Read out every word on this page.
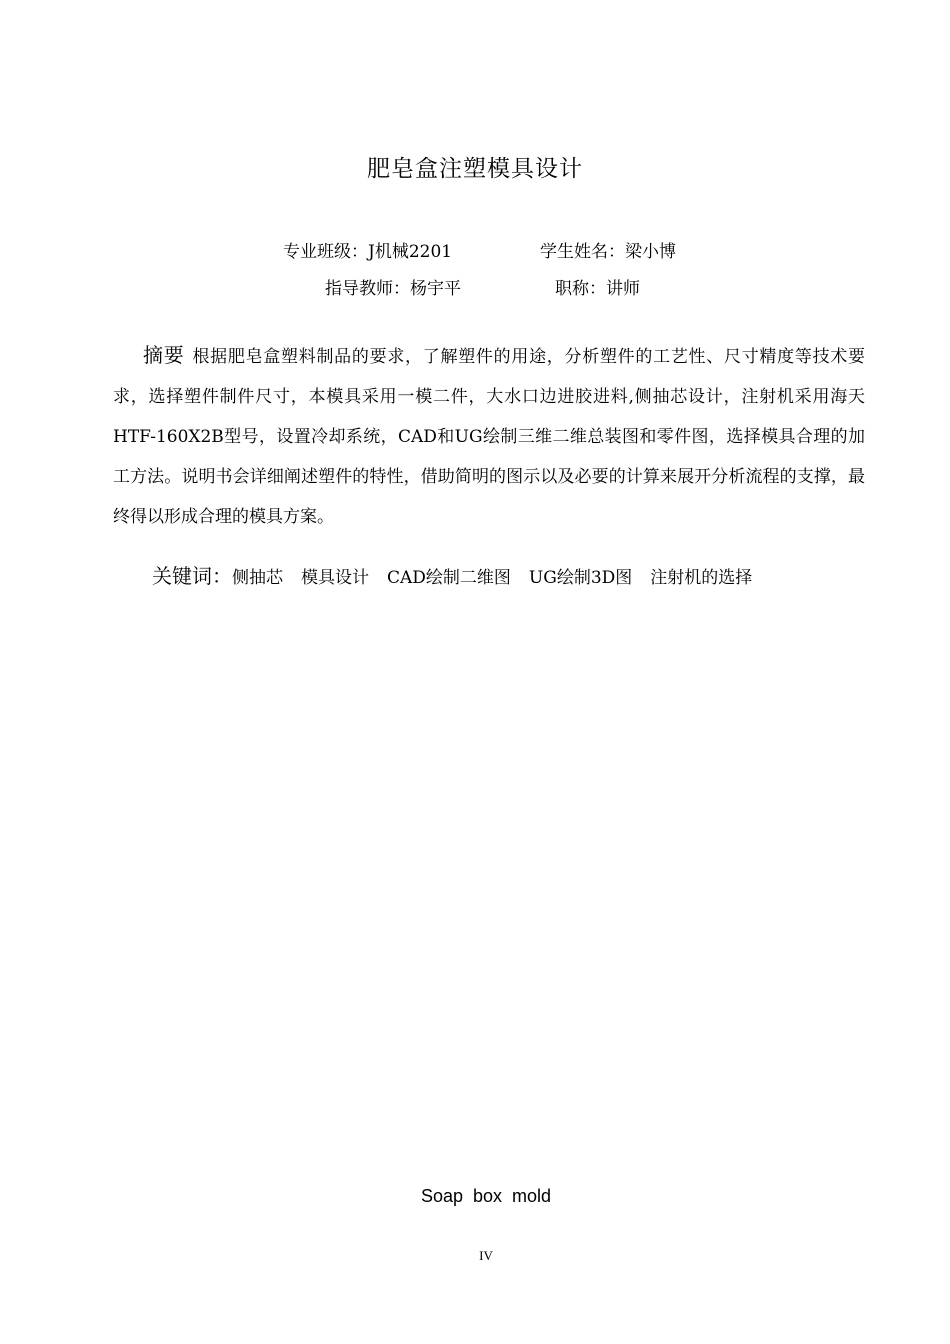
肥皂盒注塑模具设计
专业班级：J机械2201	学生姓名：梁小博
指导教师：杨宇平	职称：讲师

摘要 根据肥皂盒塑料制品的要求，了解塑件的用途，分析塑件的工艺性、尺寸精度等技术要求，选择塑件制件尺寸，本模具采用一模二件，大水口边进胶进料,侧抽芯设计，注射机采用海天HTF-160X2B型号，设置冷却系统，CAD和UG绘制三维二维总装图和零件图，选择模具合理的加工方法。说明书会详细阐述塑件的特性，借助简明的图示以及必要的计算来展开分析流程的支撑，最终得以形成合理的模具方案。

关键词：侧抽芯 模具设计 CAD绘制二维图 UG绘制3D图 注射机的选择
Soap box mold
IV
